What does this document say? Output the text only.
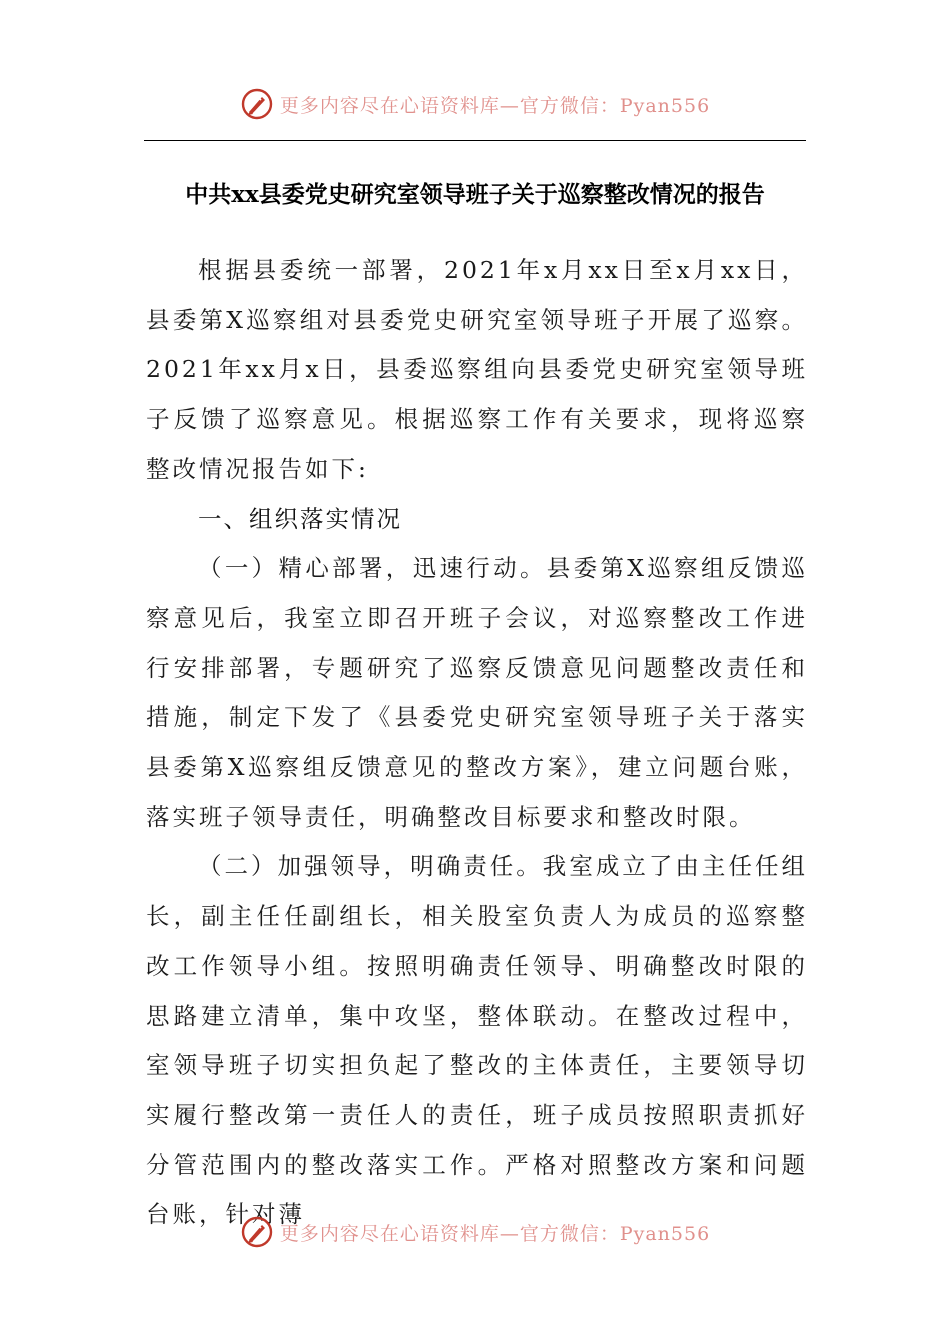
更多内容尽在心语资料库—官方微信：Pyan556
中共xx县委党史研究室领导班子关于巡察整改情况的报告

根据县委统一部署，2021年x月xx日至x月xx日，县委第X巡察组对县委党史研究室领导班子开展了巡察。2021年xx月x日，县委巡察组向县委党史研究室领导班子反馈了巡察意见。根据巡察工作有关要求，现将巡察整改情况报告如下:

一、组织落实情况

（一）精心部署，迅速行动。县委第X巡察组反馈巡察意见后，我室立即召开班子会议，对巡察整改工作进行安排部署，专题研究了巡察反馈意见问题整改责任和措施，制定下发了《县委党史研究室领导班子关于落实县委第X巡察组反馈意见的整改方案》，建立问题台账，落实班子领导责任，明确整改目标要求和整改时限。

（二）加强领导，明确责任。我室成立了由主任任组长，副主任任副组长，相关股室负责人为成员的巡察整改工作领导小组。按照明确责任领导、明确整改时限的思路建立清单，集中攻坚，整体联动。在整改过程中，室领导班子切实担负起了整改的主体责任，主要领导切实履行整改第一责任人的责任，班子成员按照职责抓好分管范围内的整改落实工作。严格对照整改方案和问题台账，针对薄

更多内容尽在心语资料库—官方微信：Pyan556
